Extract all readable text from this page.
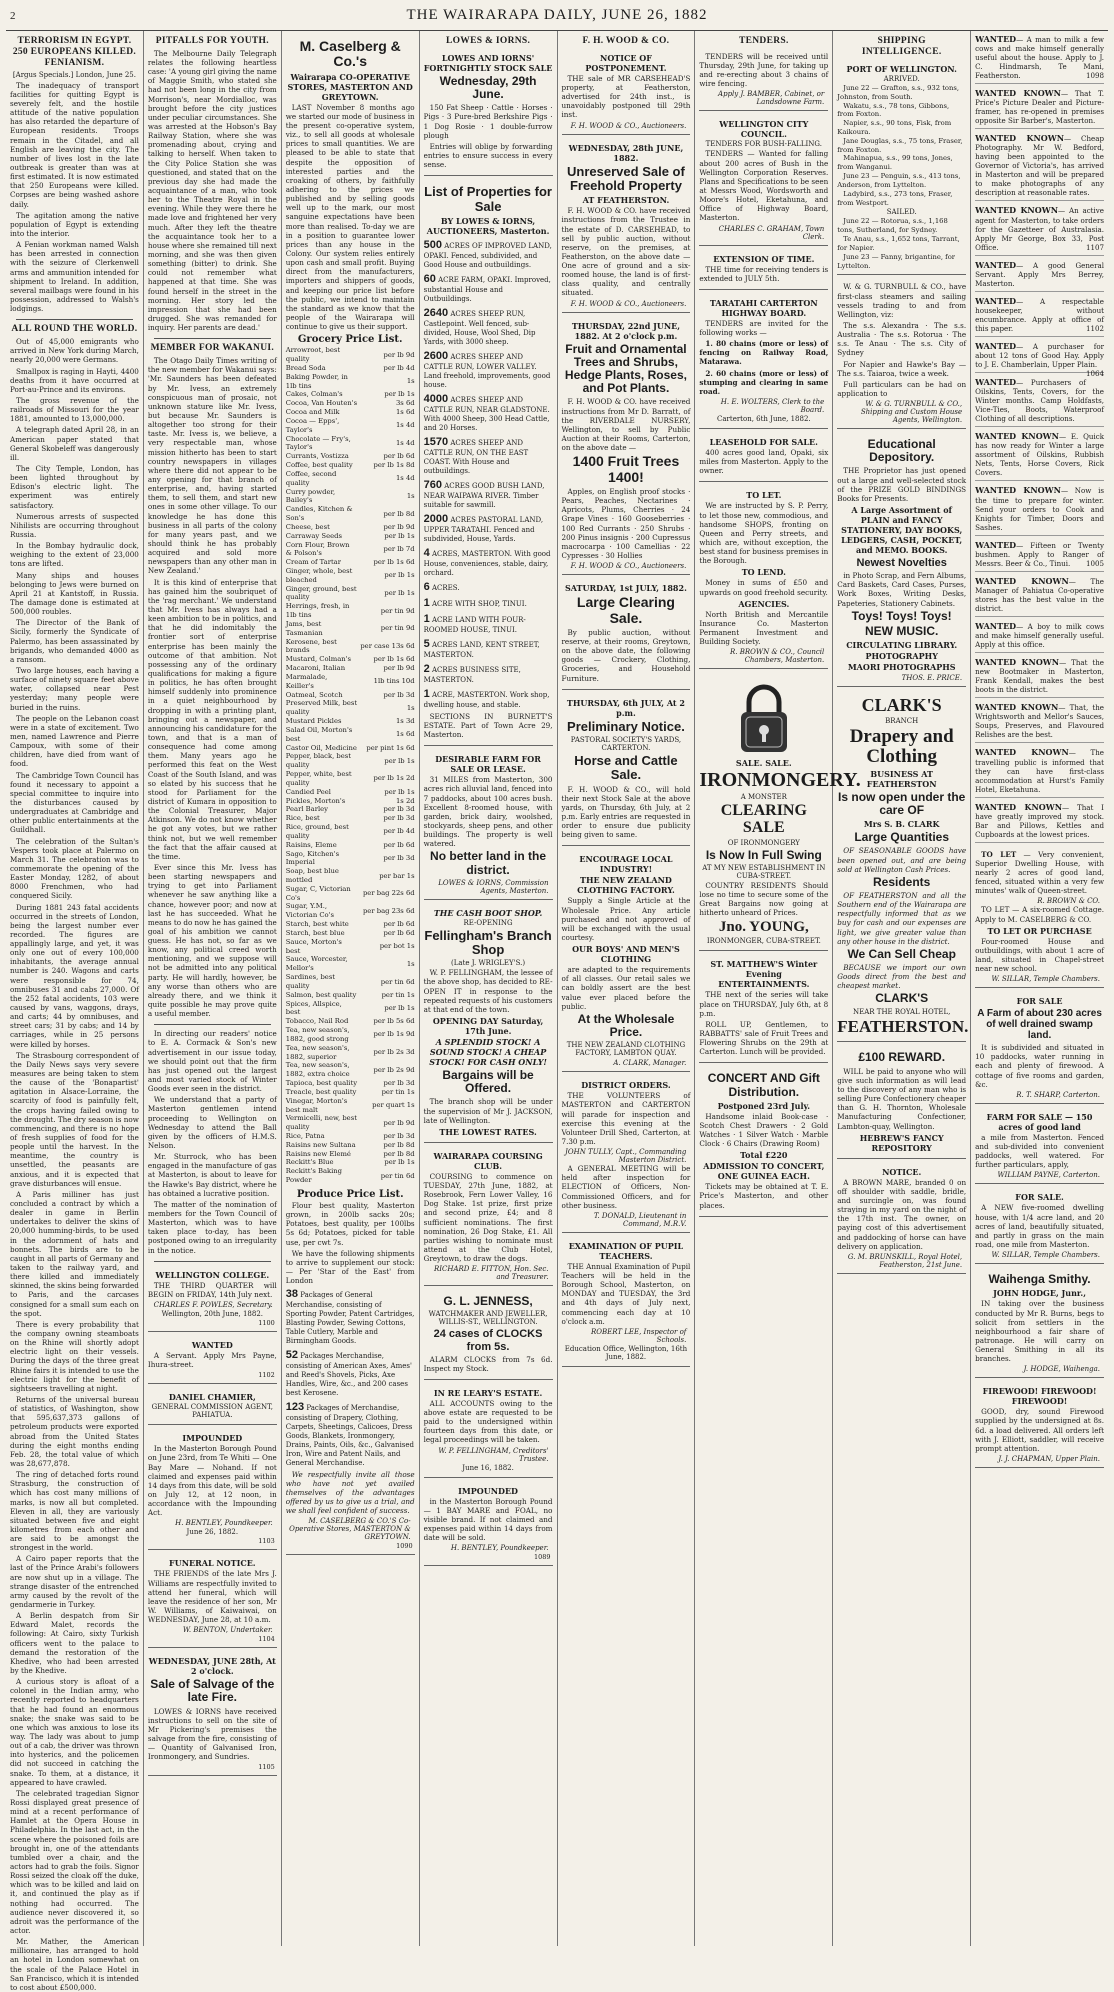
2	THE WAIRARAPA DAILY, JUNE 26, 1882
TERRORISM IN EGYPT. 250 EUROPEANS KILLED. FENIANISM.
[Argus Specials.] London, June 25.

The inadequacy of transport facilities for quitting Egypt is severely felt, and the hostile attitude of the native population has also retarded the departure of European residents. Troops remain in the Citadel, and all English are leaving the city. The number of lives lost in the late outbreak is greater than was at first estimated. It is now estimated that 250 Europeans were killed. Corpses are being washed ashore daily.

The agitation among the native population of Egypt is extending into the interior.

A Fenian workman named Walsh has been arrested in connection with the seizure of Clerkenwell arms and ammunition intended for shipment to Ireland. In addition, several mailbags were found in his possession, addressed to Walsh's lodgings.

ALL ROUND THE WORLD.

Out of 45,000 emigrants who arrived in New York during March, nearly 20,000 were Germans.

Smallpox is raging in Hayti, 4400 deaths from it have occurred at Port-au-Prince and its environs.

The gross revenue of the railroads of Missouri for the year 1881, amounted to 13,000,000.

A telegraph dated April 28, in an American paper stated that General Skobeleff was dangerously ill.

The City Temple, London, has been lighted throughout by Edison's electric light. The experiment was entirely satisfactory.

Numerous arrests of suspected Nihilists are occurring throughout Russia.

In the Bombay hydraulic dock, weighing to the extent of 23,000 tons are lifted.

Many ships and houses belonging to Jews were burned on April 21 at Kantstoff, in Russia. The damage done is estimated at 500,000 roubles.

The Director of the Bank of Sicily, formerly the Syndicate of Palermo, has been assassinated by brigands, who demanded 4000 as a ransom.

Two large houses, each having a surface of ninety square feet above water, collapsed near Pest yesterday; many people were buried in the ruins.

The people on the Lebanon coast were in a state of excitement. Two men, named Lawrence and Pierre Campoux, with some of their children, have died from want of food.

The Cambridge Town Council has found it necessary to appoint a special committee to inquire into the disturbances caused by undergraduates at Cambridge and other public entertainments at the Guildhall.

The celebration of the Sultan's Vespers took place at Palermo on March 31. The celebration was to commemorate the opening of the Easter Monday, 1282, of about 8000 Frenchmen, who had conquered Sicily.

During 1881 243 fatal accidents occurred in the streets of London, being the largest number ever recorded. The figures are appallingly large, and yet, it was only one out of every 100,000 inhabitants, the average annual number is 240. Wagons and carts were responsible for 74, omnibuses 31 and cabs 27,000. Of the 252 fatal accidents, 103 were caused by vans, waggons, drays, and carts; 44 by omnibuses, and street cars; 31 by cabs; and 14 by carriages, while in 25 persons were killed by horses.

The Strasbourg correspondent of the Daily News says very severe measures are being taken to stem the cause of the 'Bonapartist' agitation in Alsace-Lorraine, the scarcity of food is painfully felt, the crops having failed owing to the drought. The dry season is now commencing, and there is no hope of fresh supplies of food for the people until the harvest. In the meantime, the country is unsettled, the peasants are anxious, and it is expected that grave disturbances will ensue.

A Paris milliner has just concluded a contract by which a dealer in game in Berlin undertakes to deliver the skins of 20,000 humming-birds, to be used in the adornment of hats and bonnets. The birds are to be caught in all parts of Germany and taken to the railway yard, and there killed and immediately skinned, the skins being forwarded to Paris, and the carcases consigned for a small sum each on the spot.

There is every probability that the company owning steamboats on the Rhine will shortly adopt electric light on their vessels. During the days of the three great Rhine fairs it is intended to use the electric light for the benefit of sightseers travelling at night.

Returns of the universal bureau of statistics, of Washington, show that 595,637,373 gallons of petroleum products were exported abroad from the United States during the eight months ending Feb. 28, the total value of which was 28,677,878.

The ring of detached forts round Strasburg, the construction of which has cost many millions of marks, is now all but completed. Eleven in all, they are variously situated between five and eight kilometres from each other and are said to be amongst the strongest in the world.

A Cairo paper reports that the last of the Prince Arabi's followers are now shut up in a village. The strange disaster of the entrenched army caused by the revolt of the gendarmerie in Turkey.

A Berlin despatch from Sir Edward Malet, records the following: At Cairo, sixty Turkish officers went to the palace to demand the restoration of the Khedive, who had been arrested by the Khedive.

A curious story is afloat of a colonel in the Indian army, who recently reported to headquarters that he had found an enormous snake; the snake was said to be one which was anxious to lose its way. The lady was about to jump out of a cab, the driver was thrown into hysterics, and the policemen did not succeed in catching the snake. To them, at a distance, it appeared to have crawled.

The celebrated tragedian Signor Rossi displayed great presence of mind at a recent performance of Hamlet at the Opera House in Philadelphia. In the last act, in the scene where the poisoned foils are brought in, one of the attendants tumbled over a chair, and the actors had to grab the foils. Signor Rossi seized the cloak off the duke, which was to be killed and laid on it, and continued the play as if nothing had occurred. The audience never discovered it, so adroit was the performance of the actor.

Mr. Mather, the American millionaire, has arranged to hold an hotel in London somewhat on the scale of the Palace Hotel in San Francisco, which it is intended to cost about £500,000.

PITFALLS FOR YOUTH.

The Melbourne Daily Telegraph relates the following heartless case: 'A young girl giving the name of Maggie Smith, who stated she had not been long in the city from Morrison's, near Mordialloc, was brought before the city justices under peculiar circumstances. She was arrested at the Hobson's Bay Railway Station, where she was promenading about, crying and talking to herself. When taken to the City Police Station she was questioned, and stated that on the previous day she had made the acquaintance of a man, who took her to the Theatre Royal in the evening. While they were there he made love and frightened her very much. After they left the theatre the acquaintance took her to a house where she remained till next morning, and she was then given something (bitter) to drink. She could not remember what happened at that time. She was found herself in the street in the morning. Her story led the impression that she had been drugged. She was remanded for inquiry. Her parents are dead.'

MEMBER FOR WAKANUI.

The Otago Daily Times writing of the new member for Wakanui says: 'Mr. Saunders has been defeated by Mr. Ivess, an extremely conspicuous man of prosaic, not unknown stature like Mr. Ivess, but because Mr. Saunders is altogether too strong for their taste. Mr. Ivess is, we believe, a very respectable man, whose mission hitherto has been to start country newspapers in villages where there did not appear to be any opening for that branch of enterprise, and, having started them, to sell them, and start new ones in some other village. To our knowledge he has done this business in all parts of the colony for many years past, and we should think he has probably acquired and sold more newspapers than any other man in New Zealand.'

It is this kind of enterprise that has gained him the soubriquet of the 'rag merchant.' We understand that Mr. Ivess has always had a keen ambition to be in politics, and that he did indomitably the frontier sort of enterprise enterprise has been mainly the outcome of that ambition. Not possessing any of the ordinary qualifications for making a figure in politics, he has often brought himself suddenly into prominence in a quiet neighbourhood by dropping in with a printing plant, bringing out a newspaper, and announcing his candidature for the town, and that is a man of consequence had come among them. Many years ago he performed this feat on the West Coast of the South Island, and was so elated by his success that he stood for Parliament for the district of Kumara in opposition to the Colonial Treasurer, Major Atkinson. We do not know whether he got any votes, but we rather think not, but we well remember the fact that the affair caused at the time.

Ever since this Mr. Ivess has been starting newspapers and trying to get into Parliament whenever he saw anything like a chance, however poor; and now at last he has succeeded. What he means to do now he has gained the goal of his ambition we cannot guess. He has not, so far as we know, any political creed worth mentioning, and we suppose will not be admitted into any political party. He will hardly, however, be any worse than others who are already there, and we think it quite possible he may prove quite a useful member.

In directing our readers' notice to E. A. Cormack & Son's new advertisement in our issue today, we should point out that the firm has just opened out the largest and most varied stock of Winter Goods ever seen in the district.

We understand that a party of Masterton gentlemen intend proceeding to Wellington on Wednesday to attend the Ball given by the officers of H.M.S. Nelson.

Mr. Sturrock, who has been engaged in the manufacture of gas at Masterton, is about to leave for the Hawke's Bay district, where he has obtained a lucrative position.

The matter of the nomination of members for the Town Council of Masterton, which was to have taken place to-day, has been postponed owing to an irregularity in the notice.

WELLINGTON COLLEGE.

THE THIRD QUARTER will BEGIN on FRIDAY, 14th July next.

CHARLES F. POWLES, Secretary.
Wellington, 20th June, 1882.
1100
WANTED

A Servant. Apply Mrs Payne, Ihura-street.

1102
DANIEL CHAMIER,
GENERAL COMMISSION AGENT, PAHIATUA.
IMPOUNDED

In the Masterton Borough Pound on June 23rd, from Te Whiti — One Bay Mare — Nohand. If not claimed and expenses paid within 14 days from this date, will be sold on July 12, at 12 noon, in accordance with the Impounding Act.

H. BENTLEY, Poundkeeper.
June 26, 1882.
1103
FUNERAL NOTICE.

THE FRIENDS of the late Mrs J. Williams are respectfully invited to attend her funeral, which will leave the residence of her son, Mr W. Williams, of Kaiwaiwai, on WEDNESDAY, June 28, at 10 a.m.

W. BENTON, Undertaker.
1104
WEDNESDAY, JUNE 28th, At 2 o'clock.
Sale of Salvage of the late Fire.

LOWES & IORNS have received instructions to sell on the site of Mr Pickering's premises the salvage from the fire, consisting of — Quantity of Galvanised Iron, Ironmongery, and Sundries.

1105
M. Caselberg & Co.'s
Wairarapa CO-OPERATIVE STORES, MASTERTON AND GREYTOWN.

LAST November 8 months ago we started our mode of business in the present co-operative system, viz., to sell all goods at wholesale prices to small quantities. We are pleased to be able to state that despite the opposition of interested parties and the croaking of others, by faithfully adhering to the prices we published and by selling goods well up to the mark, our most sanguine expectations have been more than realised. To-day we are in a position to guarantee lower prices than any house in the Colony. Our system relies entirely upon cash and small profit. Buying direct from the manufacturers, importers and shippers of goods, and keeping our price list before the public, we intend to maintain the standard as we know that the people of the Wairarapa will continue to give us their support.

Grocery Price List.
Arrowroot, best quality	per lb 9d
Bread Soda	per lb 4d
Baking Powder, in 1lb tins	1s
Cakes, Colman's	per lb 1s
Cocoa, Van Houten's	3s 6d
Cocoa and Milk	1s 6d
Cocoa — Epps', Taylor's	1s 4d
Chocolate — Fry's, Taylor's	1s 4d
Currants, Vostizza	per lb 6d
Coffee, best quality	per lb 1s 8d
Coffee, second quality	1s 4d
Curry powder, Bailey's	1s
Candles, Kitchen & Son's	per lb 8d
Cheese, best	per lb 9d
Carraway Seeds	per lb 1s
Corn Flour, Brown & Polson's	per lb 7d
Cream of Tartar	per lb 1s 6d
Ginger, whole, best bleached	per lb 1s
Ginger, ground, best quality	per lb 1s
Herrings, fresh, in 1lb tins	per tin 9d
Jams, best Tasmanian	per tin 9d
Kerosene, best brands	per case 13s 6d
Mustard, Colman's	per lb 1s 6d
Macaroni, Italian	per lb 9d
Marmalade, Keiller's	1lb tins 10d
Oatmeal, Scotch	per lb 3d
Preserved Milk, best quality	1s
Mustard Pickles	1s 3d
Salad Oil, Morton's best	1s 6d
Castor Oil, Medicine	per pint 1s 6d
Pepper, black, best quality	per lb 1s
Pepper, white, best quality	per lb 1s 2d
Candied Peel	per lb 1s
Pickles, Morton's	1s 2d
Pearl Barley	per lb 3d
Rice, best	per lb 3d
Rice, ground, best quality	per lb 4d
Raisins, Eleme	per lb 6d
Sago, Kitchen's Imperial	per lb 3d
Soap, best blue mottled	per bar 1s
Sugar, C, Victorian Co's	per bag 22s 6d
Sugar, Y.M., Victorian Co's	per bag 23s 6d
Starch, best white	per lb 6d
Starch, best blue	per lb 6d
Sauce, Morton's best	per bot 1s
Sauce, Worcester, Mellor's	1s
Sardines, best quality	per tin 6d
Salmon, best quality	per tin 1s
Spices, Allspice, best	per lb 1s
Tobacco, Nail Rod	per lb 5s 6d
Tea, new season's, 1882, good strong	per lb 1s 9d
Tea, new season's, 1882, superior	per lb 2s 3d
Tea, new season's, 1882, extra choice	per lb 2s 9d
Tapioca, best quality	per lb 3d
Treacle, best quality	per tin 1s
Vinegar, Morton's best malt	per quart 1s
Vermicelli, new, best quality	per lb 9d
Rice, Patna	per lb 3d
Raisins new Sultana	per lb 8d
Raisins new Elemé	per lb 8d
Reckitt's Blue	per lb 1s
Reckitt's Baking Powder	per tin 6d
Produce Price List.

Flour best quality, Masterton grown, in 200lb sacks 20s; Potatoes, best quality, per 100lbs 5s 6d; Potatoes, picked for table use, per cwt 7s.

We have the following shipments to arrive to supplement our stock: — Per 'Star of the East' from London

38 Packages of General Merchandise, consisting of Sporting Powder, Patent Cartridges, Blasting Powder, Sewing Cottons, Table Cutlery, Marble and Birmingham Goods.
52 Packages Merchandise, consisting of American Axes, Ames' and Reed's Shovels, Picks, Axe Handles, Wire, &c., and 200 cases best Kerosene.
123 Packages of Merchandise, consisting of Drapery, Clothing, Carpets, Sheetings, Calicoes, Dress Goods, Blankets, Ironmongery, Drains, Paints, Oils, &c., Galvanised Iron, Wire and Patent Nails, and General Merchandise.

We respectfully invite all those who have not yet availed themselves of the advantages offered by us to give us a trial, and we shall feel confident of success.

M. CASELBERG & CO.'S Co-Operative Stores, MASTERTON & GREYTOWN.
1090
LOWES & IORNS.
LOWES AND IORNS' FORTNIGHTLY STOCK SALE
Wednesday, 29th June.

150 Fat Sheep · Cattle · Horses · Pigs · 3 Pure-bred Berkshire Pigs · 1 Dog Rosie · 1 double-furrow plough

Entries will oblige by forwarding entries to ensure success in every sense.

List of Properties for Sale
BY LOWES & IORNS, AUCTIONEERS, Masterton.
500 ACRES OF IMPROVED LAND, OPAKI. Fenced, subdivided, and Good House and outbuildings.
60 ACRE FARM, OPAKI. Improved, substantial House and Outbuildings.
2640 ACRES SHEEP RUN, Castlepoint. Well fenced, sub-divided, House, Wool Shed, Dip Yards, with 3000 sheep.
2600 ACRES SHEEP AND CATTLE RUN, LOWER VALLEY. Land freehold, improvements, good house.
4000 ACRES SHEEP AND CATTLE RUN, NEAR GLADSTONE. With 4000 Sheep, 300 Head Cattle, and 20 Horses.
1570 ACRES SHEEP AND CATTLE RUN, ON THE EAST COAST. With House and outbuildings.
760 ACRES GOOD BUSH LAND, NEAR WAIPAWA RIVER. Timber suitable for sawmill.
2000 ACRES PASTORAL LAND, UPPER TARATAHI. Fenced and subdivided, House, Yards.
4 ACRES, MASTERTON. With good House, conveniences, stable, dairy, orchard.
6 ACRES.
1 ACRE WITH SHOP, TINUI.
1 ACRE LAND WITH FOUR-ROOMED HOUSE, TINUI.
5 ACRES LAND, KENT STREET, MASTERTON.
2 ACRES BUSINESS SITE, MASTERTON.
1 ACRE, MASTERTON. Work shop, dwelling house, and stable.

SECTIONS IN BURNETT'S ESTATE. Part of Town Acre 29, Masterton.

DESIRABLE FARM FOR SALE OR LEASE.

31 MILES from Masterton, 300 acres rich alluvial land, fenced into 7 paddocks, about 100 acres bush. Excellent 8-roomed house, with garden, brick dairy, woolshed, stockyards, sheep pens, and other buildings. The property is well watered.

No better land in the district.
LOWES & IORNS, Commission Agents, Masterton.
THE CASH BOOT SHOP.
RE-OPENING
Fellingham's Branch Shop
(Late J. WRIGLEY'S.)

W. P. FELLINGHAM, the lessee of the above shop, has decided to RE-OPEN IT in response to the repeated requests of his customers at that end of the town.

OPENING DAY Saturday, 17th June.
A SPLENDID STOCK! A SOUND STOCK! A CHEAP STOCK! FOR CASH ONLY!
Bargains will be Offered.

The branch shop will be under the supervision of Mr J. JACKSON, late of Wellington.

THE LOWEST RATES.
WAIRARAPA COURSING CLUB.

COURSING to commence on TUESDAY, 27th June, 1882, at Rosebrook, Fern Lower Valley, 16 Dog Stake. 1st prize, first prize and second prize, £4; and 8 sufficient nominations. The first nomination, 26 Dog Stake, £1. All parties wishing to nominate must attend at the Club Hotel, Greytown, to draw the dogs.

RICHARD E. FITTON, Hon. Sec. and Treasurer.
G. L. JENNESS,
WATCHMAKER AND JEWELLER, WILLIS-ST., WELLINGTON.
24 cases of CLOCKS from 5s.

ALARM CLOCKS from 7s 6d. Inspect my Stock.

IN RE LEARY'S ESTATE.

ALL ACCOUNTS owing to the above estate are requested to be paid to the undersigned within fourteen days from this date, or legal proceedings will be taken.

W. P. FELLINGHAM, Creditors' Trustee.
June 16, 1882.
IMPOUNDED

in the Masterton Borough Pound — 1 BAY MARE and FOAL, no visible brand. If not claimed and expenses paid within 14 days from date will be sold.

H. BENTLEY, Poundkeeper.
1089
F. H. WOOD & CO.
NOTICE OF POSTPONEMENT.

THE sale of MR CARSEHEAD'S property, at Featherston, advertised for 24th inst., is unavoidably postponed till 29th inst.

F. H. WOOD & CO., Auctioneers.
WEDNESDAY, 28th JUNE, 1882.
Unreserved Sale of Freehold Property
AT FEATHERSTON.

F. H. WOOD & CO. have received instructions from the Trustee in the estate of D. CARSEHEAD, to sell by public auction, without reserve, on the premises, at Featherston, on the above date — One acre of ground and a six-roomed house, the land is of first-class quality, and centrally situated.

F. H. WOOD & CO., Auctioneers.
THURSDAY, 22nd JUNE, 1882. At 2 o'clock p.m.
Fruit and Ornamental Trees and Shrubs, Hedge Plants, Roses, and Pot Plants.

F. H. WOOD & CO. have received instructions from Mr D. Barratt, of the RIVERDALE NURSERY, Wellington, to sell by Public Auction at their Rooms, Carterton, on the above date —

1400 Fruit Trees 1400!

Apples, on English proof stocks · Pears, Peaches, Nectarines · Apricots, Plums, Cherries · 24 Grape Vines · 160 Gooseberries · 100 Red Currants · 250 Shrubs · 200 Pinus insignis · 200 Cupressus macrocarpa · 100 Camellias · 22 Cypresses · 30 Hollies

F. H. WOOD & CO., Auctioneers.
SATURDAY, 1st JULY, 1882.
Large Clearing Sale.

By public auction, without reserve, at their rooms, Greytown, on the above date, the following goods — Crockery, Clothing, Groceries, and Household Furniture.

THURSDAY, 6th JULY, At 2 p.m.
Preliminary Notice.
PASTORAL SOCIETY'S YARDS, CARTERTON.
Horse and Cattle Sale.

F. H. WOOD & CO., will hold their next Stock Sale at the above yards, on Thursday, 6th July, at 2 p.m. Early entries are requested in order to ensure due publicity being given to same.

ENCOURAGE LOCAL INDUSTRY!
THE NEW ZEALAND CLOTHING FACTORY.

Supply a Single Article at the Wholesale Price. Any article purchased and not approved of will be exchanged with the usual courtesy.

OUR BOYS' AND MEN'S CLOTHING

are adapted to the requirements of all classes. Our retail sales we can boldly assert are the best value ever placed before the public.

At the Wholesale Price.
THE NEW ZEALAND CLOTHING FACTORY, LAMBTON QUAY.
A. CLARK, Manager.
DISTRICT ORDERS.

THE VOLUNTEERS of MASTERTON and CARTERTON will parade for inspection and exercise this evening at the Volunteer Drill Shed, Carterton, at 7.30 p.m.

JOHN TULLY, Capt., Commanding Masterton District.

A GENERAL MEETING will be held after inspection for ELECTION of Officers, Non-Commissioned Officers, and for other business.

T. DONALD, Lieutenant in Command, M.R.V.
EXAMINATION OF PUPIL TEACHERS.

THE Annual Examination of Pupil Teachers will be held in the Borough School, Masterton, on MONDAY and TUESDAY, the 3rd and 4th days of July next, commencing each day at 10 o'clock a.m.

ROBERT LEE, Inspector of Schools.
Education Office, Wellington, 16th June, 1882.
TENDERS.

TENDERS will be received until Thursday, 29th June, for taking up and re-erecting about 3 chains of wire fencing.

Apply J. BAMBER, Cabinet, or Landsdowne Farm.
WELLINGTON CITY COUNCIL.
TENDERS FOR BUSH-FALLING.

TENDERS — Wanted for falling about 200 acres of Bush in the Wellington Corporation Reserves. Plans and Specifications to be seen at Messrs Wood, Wordsworth and Moore's Hotel, Eketahuna, and Office of Highway Board, Masterton.

CHARLES C. GRAHAM, Town Clerk.
EXTENSION OF TIME.

THE time for receiving tenders is extended to JULY 5th.

TARATAHI CARTERTON HIGHWAY BOARD.

TENDERS are invited for the following works —

1. 80 chains (more or less) of fencing on Railway Road, Matarawa.

2. 60 chains (more or less) of stumping and clearing in same road.

H. E. WOLTERS, Clerk to the Board.
Carterton, 6th June, 1882.
LEASEHOLD FOR SALE.

400 acres good land, Opaki, six miles from Masterton. Apply to the owner.

TO LET.

We are instructed by S. P. Perry, to let those new, commodious, and handsome SHOPS, fronting on Queen and Perry streets, and which are, without exception, the best stand for business premises in the Borough.

TO LEND.

Money in sums of £50 and upwards on good freehold security.

AGENCIES.

North British and Mercantile Insurance Co. Masterton Permanent Investment and Building Society.

R. BROWN & CO., Council Chambers, Masterton.
SALE. SALE.
IRONMONGERY.
A MONSTER
CLEARING SALE
OF IRONMONGERY
Is Now In Full Swing
AT MY NEW ESTABLISHMENT IN CUBA-STREET.

COUNTRY RESIDENTS Should lose no time to secure some of the Great Bargains now going at hitherto unheard of Prices.

Jno. YOUNG,
IRONMONGER, CUBA-STREET.
ST. MATTHEW'S Winter Evening ENTERTAINMENTS.

THE next of the series will take place on THURSDAY, July 6th, at 8 p.m.

ROLL UP, Gentlemen, to RABBATTS' sale of Fruit Trees and Flowering Shrubs on the 29th at Carterton. Lunch will be provided.

CONCERT AND Gift Distribution.
Postponed 23rd July.

Handsome inlaid Book-case · Scotch Chest Drawers · 2 Gold Watches · 1 Silver Watch · Marble Clock · 6 Chairs (Drawing Room)

Total £220
ADMISSION TO CONCERT, ONE GUINEA EACH.

Tickets may be obtained at T. E. Price's Masterton, and other places.

SHIPPING INTELLIGENCE.
PORT OF WELLINGTON.
ARRIVED.

June 22 — Grafton, s.s., 932 tons, Johnston, from South.

Wakatu, s.s., 78 tons, Gibbons, from Foxton.

Napier, s.s., 90 tons, Fisk, from Kaikoura.

Jane Douglas, s.s., 75 tons, Fraser, from Foxton.

Mahinapua, s.s., 99 tons, Jones, from Wanganui.

June 23 — Penguin, s.s., 413 tons, Anderson, from Lyttelton.

Ladybird, s.s., 273 tons, Fraser, from Westport.

SAILED.

June 22 — Rotorua, s.s., 1,168 tons, Sutherland, for Sydney.

Te Anau, s.s., 1,652 tons, Tarrant, for Napier.

June 23 — Fanny, brigantine, for Lyttelton.

W. & G. TURNBULL & CO., have first-class steamers and sailing vessels trading to and from Wellington, viz:

The s.s. Alexandra · The s.s. Australia · The s.s. Rotorua · The s.s. Te Anau · The s.s. City of Sydney

For Napier and Hawke's Bay — The s.s. Taiaroa, twice a week.

Full particulars can be had on application to

W. & G. TURNBULL & CO., Shipping and Custom House Agents, Wellington.
Educational Depository.

THE Proprietor has just opened out a large and well-selected stock of the PRIZE GOLD BINDINGS Books for Presents.

A Large Assortment of PLAIN and FANCY STATIONERY, DAY BOOKS, LEDGERS, CASH, POCKET, and MEMO. BOOKS.
Newest Novelties

in Photo Scrap, and Fern Albums, Card Baskets, Card Cases, Purses, Work Boxes, Writing Desks, Papeteries, Stationery Cabinets.

Toys! Toys! Toys!
NEW MUSIC.
CIRCULATING LIBRARY.
PHOTOGRAPHY
MAORI PHOTOGRAPHS
THOS. E. PRICE.
CLARK'S
BRANCH
Drapery and Clothing
BUSINESS AT FEATHERSTON
Is now open under the care OF
Mrs S. B. CLARK
Large Quantities

OF SEASONABLE GOODS have been opened out, and are being sold at Wellington Cash Prices.

Residents

OF FEATHERSTON and all the Southern end of the Wairarapa are respectfully informed that as we buy for cash and our expenses are light, we give greater value than any other house in the district.

We Can Sell Cheap

BECAUSE we import our own Goods direct from the best and cheapest market.

CLARK'S
NEAR THE ROYAL HOTEL,
FEATHERSTON.
£100 REWARD.

WILL be paid to anyone who will give such information as will lead to the discovery of any man who is selling Pure Confectionery cheaper than G. H. Thornton, Wholesale Manufacturing Confectioner, Lambton-quay, Wellington.

HEBREW'S FANCY REPOSITORY
NOTICE.

A BROWN MARE, branded 0 on off shoulder with saddle, bridle, and surcingle on, was found straying in my yard on the night of the 17th inst. The owner, on paying cost of this advertisement and paddocking of horse can have delivery on application.

G. M. BRUNSKILL, Royal Hotel, Featherston, 21st June.
WANTED— A man to milk a few cows and make himself generally useful about the house. Apply to J. C. Hindmarsh, Te Mani, Featherston.	1098
WANTED KNOWN— That T. Price's Picture Dealer and Picture-framer, has re-opened in premises opposite Sir Barber's, Masterton.
WANTED KNOWN— Cheap Photography. Mr W. Bedford, having been appointed to the Governor of Victoria's, has arrived in Masterton and will be prepared to make photographs of any description at reasonable rates.
WANTED KNOWN— An active agent for Masterton, to take orders for the Gazetteer of Australasia. Apply Mr George, Box 33, Post Office.	1107
WANTED— A good General Servant. Apply Mrs Berrey, Masterton.
WANTED— A respectable housekeeper, without encumbrance. Apply at office of this paper.	1102
WANTED— A purchaser for about 12 tons of Good Hay. Apply to J. E. Chamberlain, Upper Plain.
1064
WANTED— Purchasers of Oilskins, Tents, Covers, for the Winter months. Camp Holdfasts, Vice-Ties, Boots, Waterproof Clothing of all descriptions.
WANTED KNOWN— E. Quick has now ready for Winter a large assortment of Oilskins, Rubbish Nets, Tents, Horse Covers, Rick Covers.
WANTED KNOWN— Now is the time to prepare for winter. Send your orders to Cook and Knights for Timber, Doors and Sashes.
WANTED— Fifteen or Twenty bushmen. Apply to Ranger of Messrs. Beer & Co., Tinui. 1005
WANTED KNOWN— The Manager of Pahiatua Co-operative stores has the best value in the district.
WANTED— A boy to milk cows and make himself generally useful. Apply at this office.
WANTED KNOWN— That the new Bootmaker in Masterton, Frank Kendall, makes the best boots in the district.
WANTED KNOWN— That, the Wrightsworth and Mellor's Sauces, Soups, Preserves, and Flavoured Relishes are the best.
WANTED KNOWN— The travelling public is informed that they can have first-class accommodation at Hurst's Family Hotel, Eketahuna.
WANTED KNOWN— That I have greatly improved my stock. Bar and Pillows, Kettles and Cupboards at the lowest prices.

TO LET — Very convenient, Superior Dwelling House, with nearly 2 acres of good land, fenced, situated within a very few minutes' walk of Queen-street.

R. BROWN & CO.

TO LET — A six-roomed Cottage. Apply to M. CASELBERG & CO.

TO LET OR PURCHASE

Four-roomed House and outbuildings, with about 1 acre of land, situated in Chapel-street near new school.

W. SILLAR, Temple Chambers.
FOR SALE
A Farm of about 230 acres of well drained swamp land.

It is subdivided and situated in 10 paddocks, water running in each and plenty of firewood. A cottage of five rooms and garden, &c.

R. T. SHARP, Carterton.
FARM FOR SALE — 150 acres of good land

a mile from Masterton. Fenced and sub-divided into convenient paddocks, well watered. For further particulars, apply,

WILLIAM PAYNE, Carterton.
FOR SALE.

A NEW five-roomed dwelling house, with 1/4 acre land, and 20 acres of land, beautifully situated, and partly in grass on the main road, one mile from Masterton.

W. SILLAR, Temple Chambers.
Waihenga Smithy.
JOHN HODGE, Junr.,

IN taking over the business conducted by Mr R. Burns, begs to solicit from settlers in the neighbourhood a fair share of patronage. He will carry on General Smithing in all its branches.

J. HODGE, Waihenga.
FIREWOOD! FIREWOOD! FIREWOOD!

GOOD, dry, sound Firewood supplied by the undersigned at 8s. 6d. a load delivered. All orders left with J. Elliott, saddler, will receive prompt attention.

J. J. CHAPMAN, Upper Plain.
